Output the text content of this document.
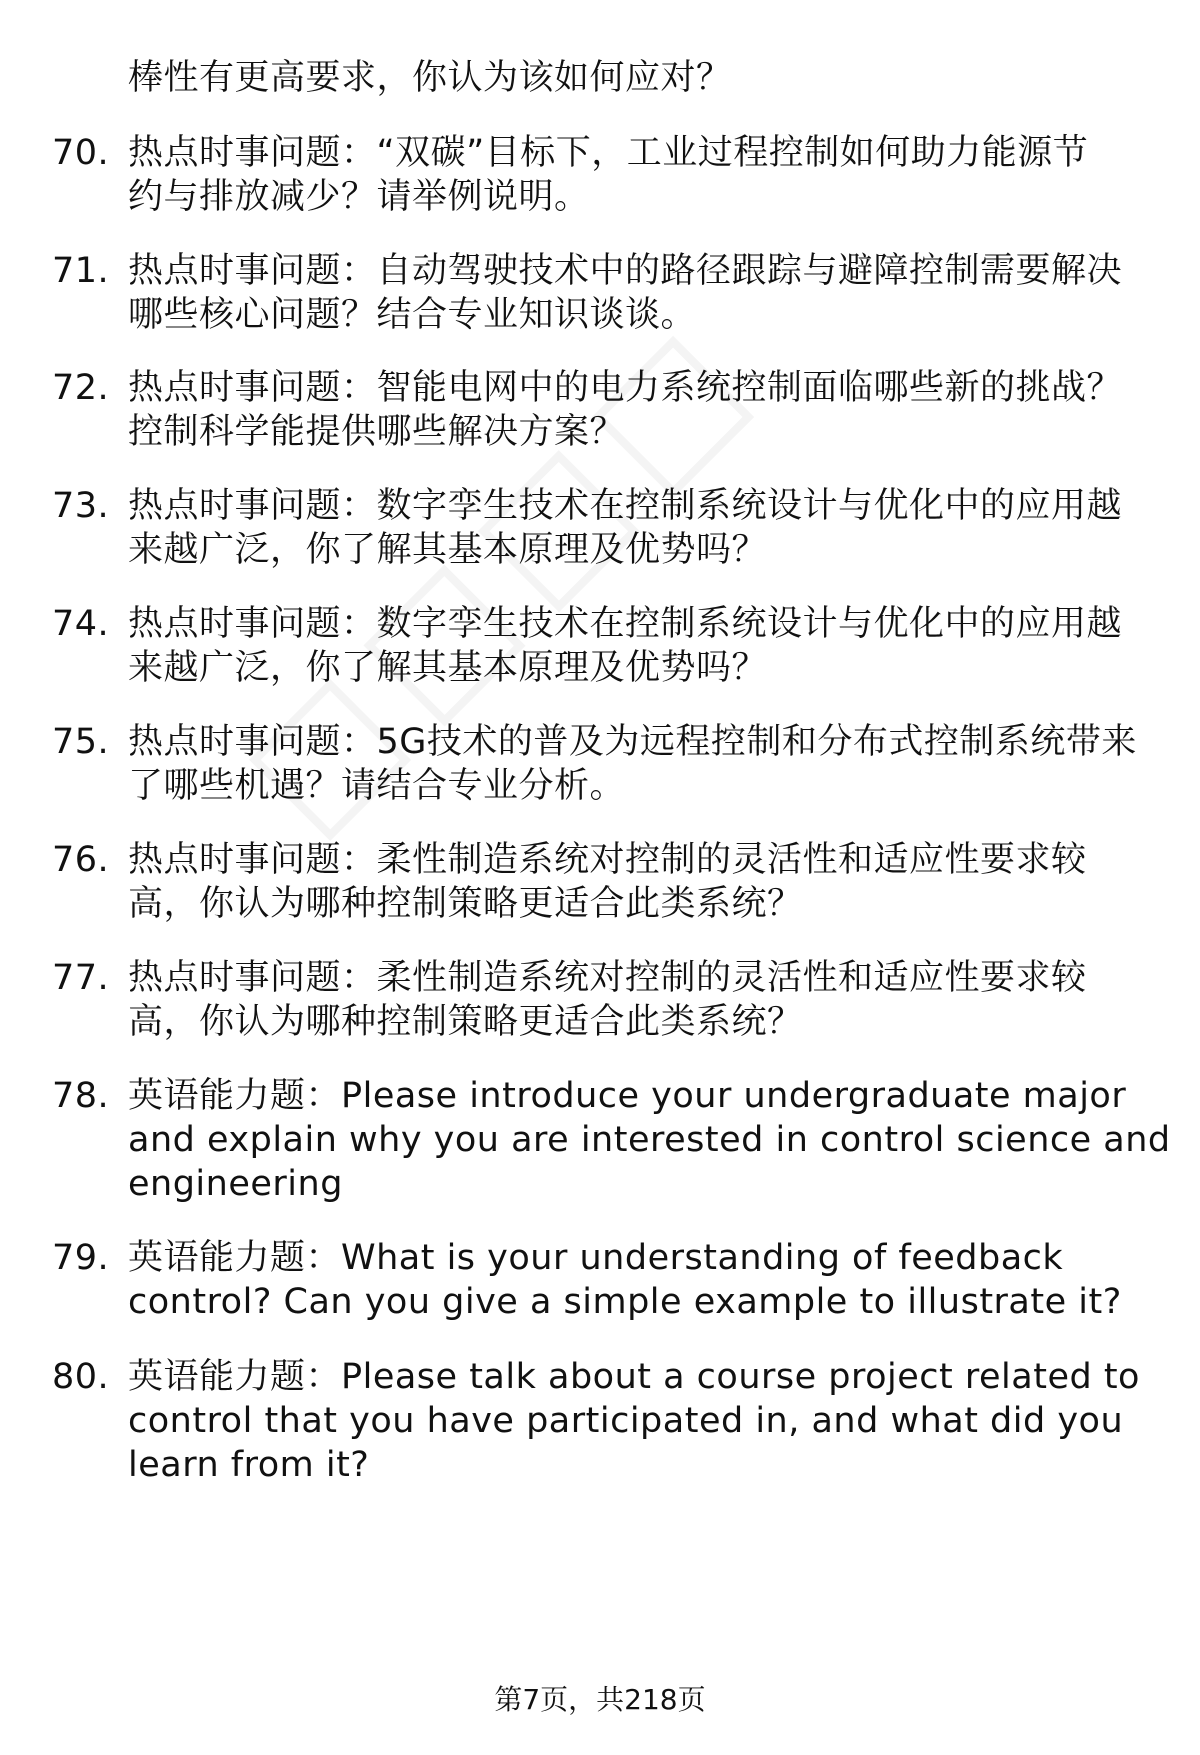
棒性有更高要求，你认为该如何应对？
70. 热点时事问题：“双碳”目标下，工业过程控制如何助力能源节
约与排放减少？请举例说明。
71. 热点时事问题：自动驾驶技术中的路径跟踪与避障控制需要解决
哪些核心问题？结合专业知识谈谈。
72. 热点时事问题：智能电网中的电力系统控制面临哪些新的挑战？
控制科学能提供哪些解决方案？
73. 热点时事问题：数字孪生技术在控制系统设计与优化中的应用越
来越广泛，你了解其基本原理及优势吗？
74. 热点时事问题：数字孪生技术在控制系统设计与优化中的应用越
来越广泛，你了解其基本原理及优势吗？
75. 热点时事问题：5G技术的普及为远程控制和分布式控制系统带来
了哪些机遇？请结合专业分析。
76. 热点时事问题：柔性制造系统对控制的灵活性和适应性要求较
高，你认为哪种控制策略更适合此类系统？
77. 热点时事问题：柔性制造系统对控制的灵活性和适应性要求较
高，你认为哪种控制策略更适合此类系统？
78. 英语能力题：Please introduce your undergraduate major
and explain why you are interested in control science and
engineering
79. 英语能力题：What is your understanding of feedback
control? Can you give a simple example to illustrate it?
80. 英语能力题：Please talk about a course project related to
control that you have participated in, and what did you
learn from it?
第7页，共218页
